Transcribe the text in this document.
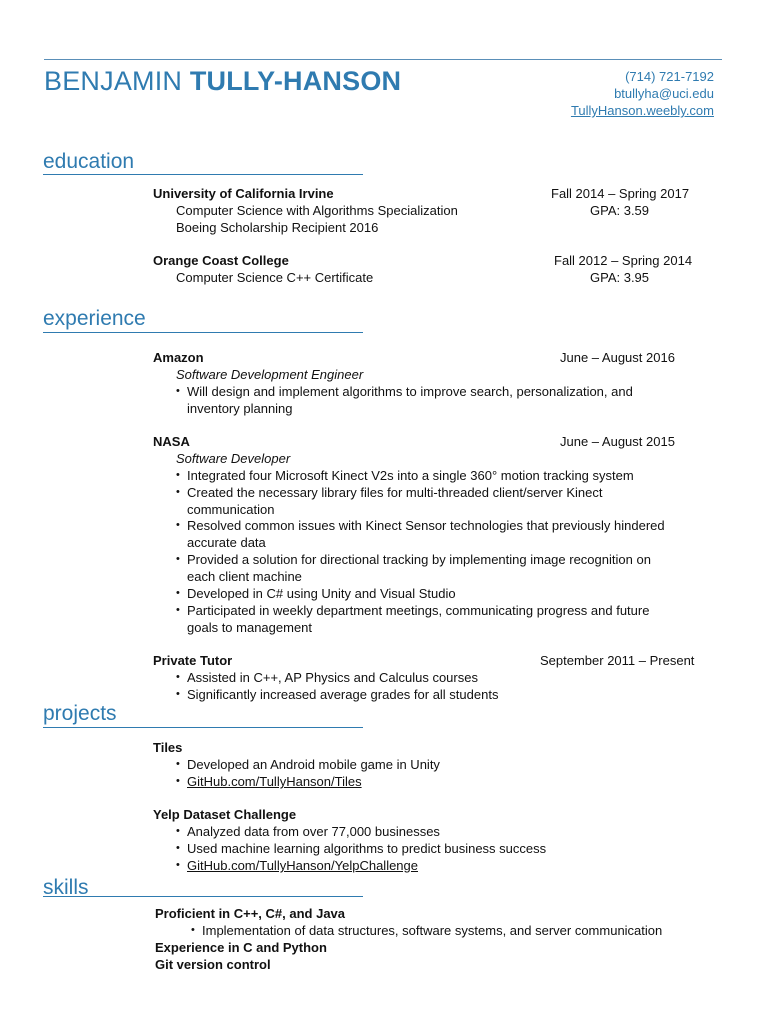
BENJAMIN TULLY-HANSON	(714) 721-7192
btullyha@uci.edu
TullyHanson.weebly.com
education
University of California Irvine	Fall 2014 – Spring 2017
Computer Science with Algorithms Specialization	GPA: 3.59
Boeing Scholarship Recipient 2016
Orange Coast College	Fall 2012 – Spring 2014
Computer Science C++ Certificate	GPA: 3.95
experience
Amazon	June – August 2016
Software Development Engineer
• Will design and implement algorithms to improve search, personalization, and
inventory planning
NASA	June – August 2015
Software Developer
• Integrated four Microsoft Kinect V2s into a single 360° motion tracking system
• Created the necessary library files for multi-threaded client/server Kinect
communication
• Resolved common issues with Kinect Sensor technologies that previously hindered
accurate data
• Provided a solution for directional tracking by implementing image recognition on
each client machine
• Developed in C# using Unity and Visual Studio
• Participated in weekly department meetings, communicating progress and future
goals to management
Private Tutor	September 2011 – Present
• Assisted in C++, AP Physics and Calculus courses
• Significantly increased average grades for all students
projects
Tiles
• Developed an Android mobile game in Unity
• GitHub.com/TullyHanson/Tiles
Yelp Dataset Challenge
• Analyzed data from over 77,000 businesses
• Used machine learning algorithms to predict business success
• GitHub.com/TullyHanson/YelpChallenge
skills
Proficient in C++, C#, and Java
• Implementation of data structures, software systems, and server communication
Experience in C and Python
Git version control
